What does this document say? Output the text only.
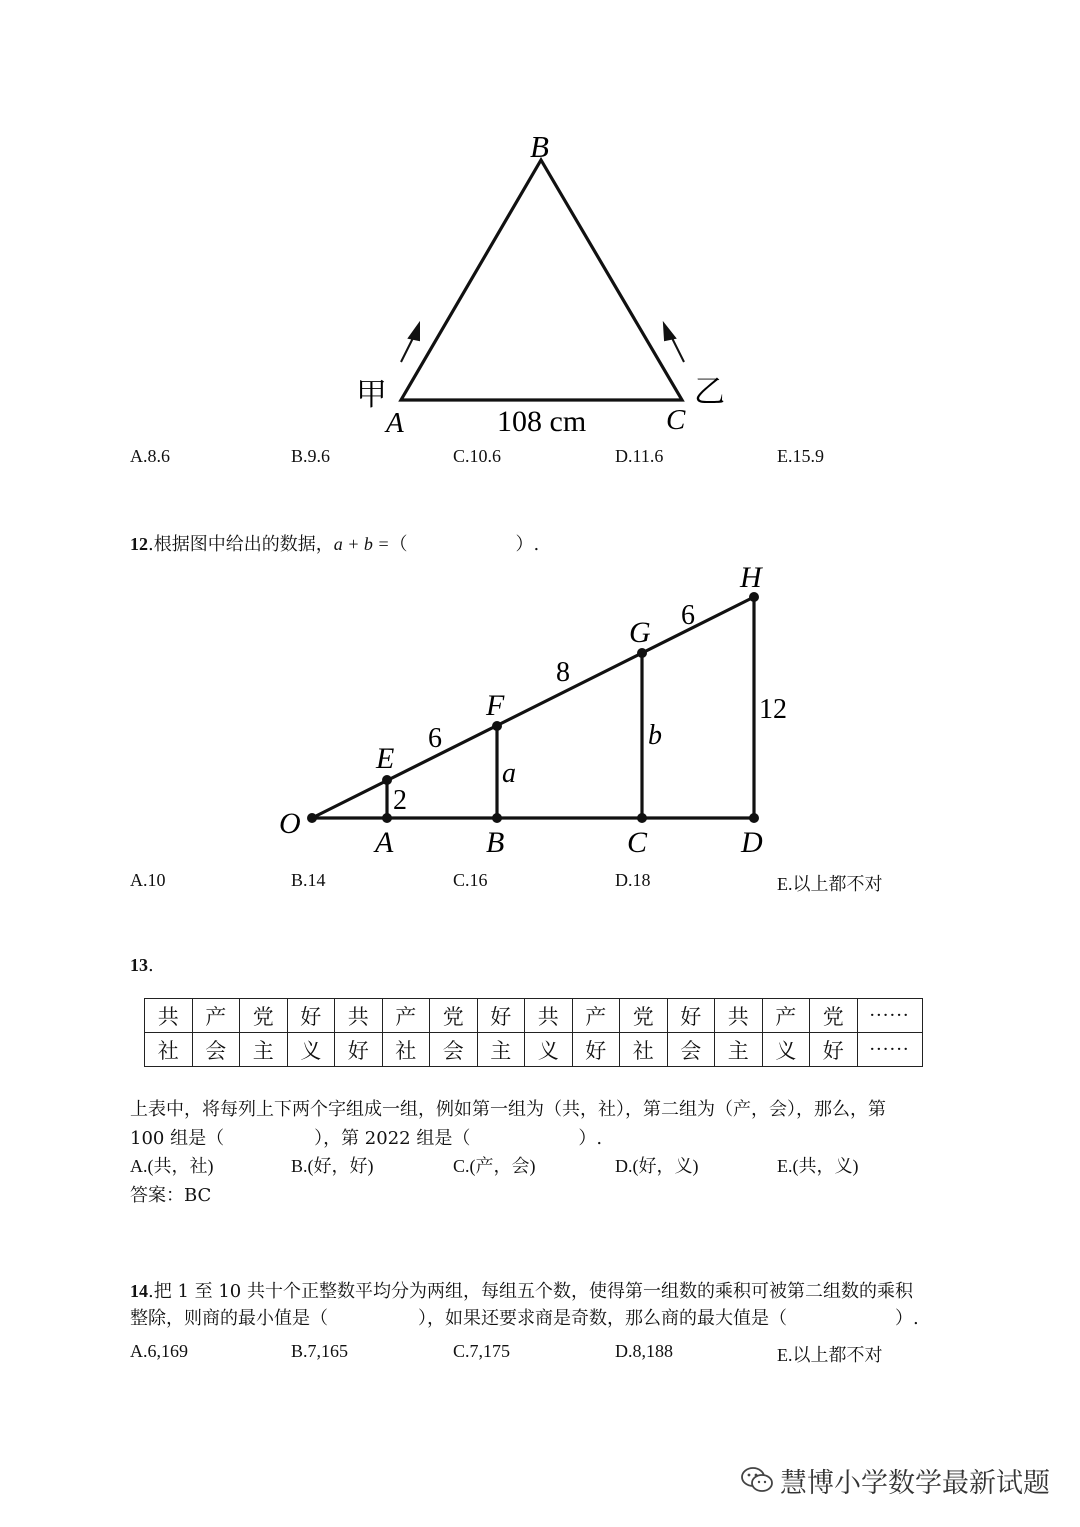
B
A	C
甲	乙
108 cm
A.8.6	B.9.6	C.10.6	D.11.6	E.15.9
12.根据图中给出的数据，a + b =（　　　　　　）.
O
A	B	C	D
E
F
G
H
6
8
6
2
a
b
12
A.10	B.14	C.16	D.18	E.以上都不对
13.
共	产	党	好	共	产	党	好	共	产	党	好	共	产	党	······
社	会	主	义	好	社	会	主	义	好	社	会	主	义	好	······
上表中，将每列上下两个字组成一组，例如第一组为（共，社），第二组为（产，会），那么，第
100 组是（　　　　　），第 2022 组是（　　　　　　）.
A.(共，社)	B.(好，好)	C.(产，会)	D.(好，义)	E.(共，义)
答案：BC
14.把 1 至 10 共十个正整数平均分为两组，每组五个数，使得第一组数的乘积可被第二组数的乘积
整除，则商的最小值是（　　　　　），如果还要求商是奇数，那么商的最大值是（　　　　　　）.
A.6,169	B.7,165	C.7,175	D.8,188	E.以上都不对
慧博小学数学最新试题
